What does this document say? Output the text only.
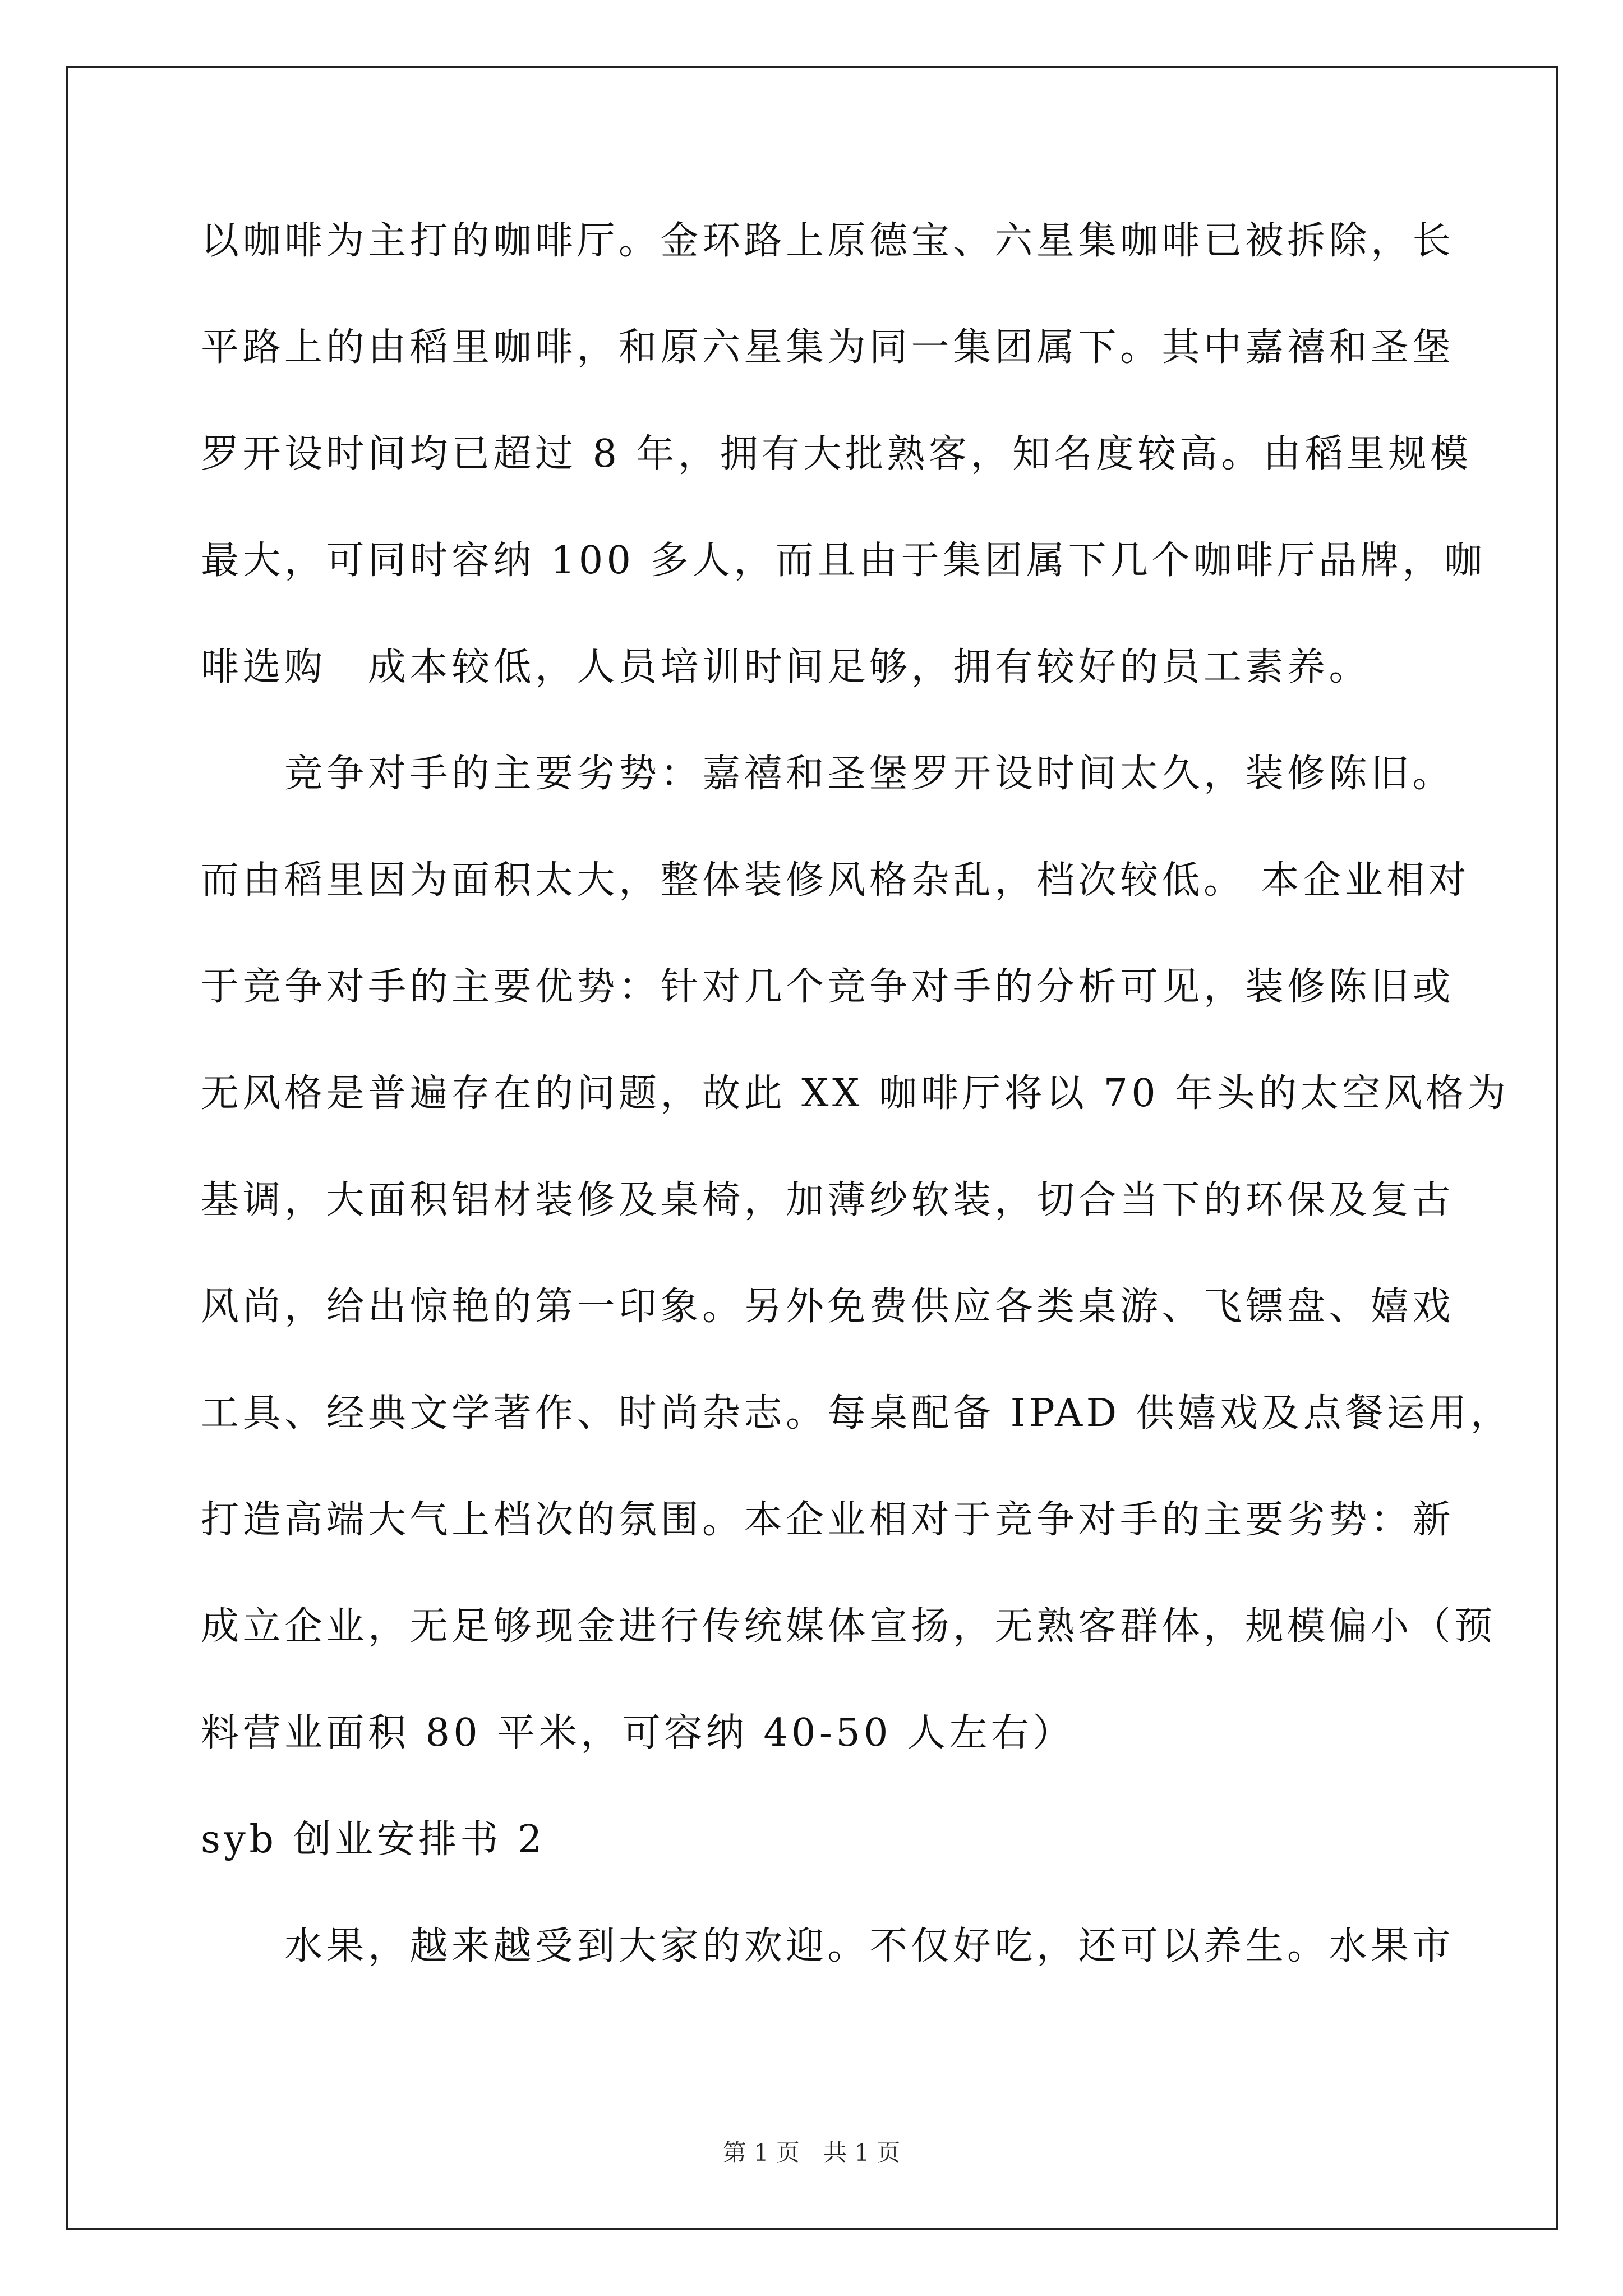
以咖啡为主打的咖啡厅。金环路上原德宝、六星集咖啡已被拆除，长
平路上的由稻里咖啡，和原六星集为同一集团属下。其中嘉禧和圣堡
罗开设时间均已超过 8 年，拥有大批熟客，知名度较高。由稻里规模
最大，可同时容纳 100 多人，而且由于集团属下几个咖啡厅品牌，咖
啡选购　成本较低，人员培训时间足够，拥有较好的员工素养。
　　竞争对手的主要劣势：嘉禧和圣堡罗开设时间太久，装修陈旧。
而由稻里因为面积太大，整体装修风格杂乱，档次较低。 本企业相对
于竞争对手的主要优势：针对几个竞争对手的分析可见，装修陈旧或
无风格是普遍存在的问题，故此 XX 咖啡厅将以 70 年头的太空风格为
基调，大面积铝材装修及桌椅，加薄纱软装，切合当下的环保及复古
风尚，给出惊艳的第一印象。另外免费供应各类桌游、飞镖盘、嬉戏
工具、经典文学著作、时尚杂志。每桌配备 IPAD 供嬉戏及点餐运用，
打造高端大气上档次的氛围。本企业相对于竞争对手的主要劣势：新
成立企业，无足够现金进行传统媒体宣扬，无熟客群体，规模偏小（预
料营业面积 80 平米，可容纳 40-50 人左右）
syb 创业安排书 2
　　水果，越来越受到大家的欢迎。不仅好吃，还可以养生。水果市
第 1 页　共 1 页
